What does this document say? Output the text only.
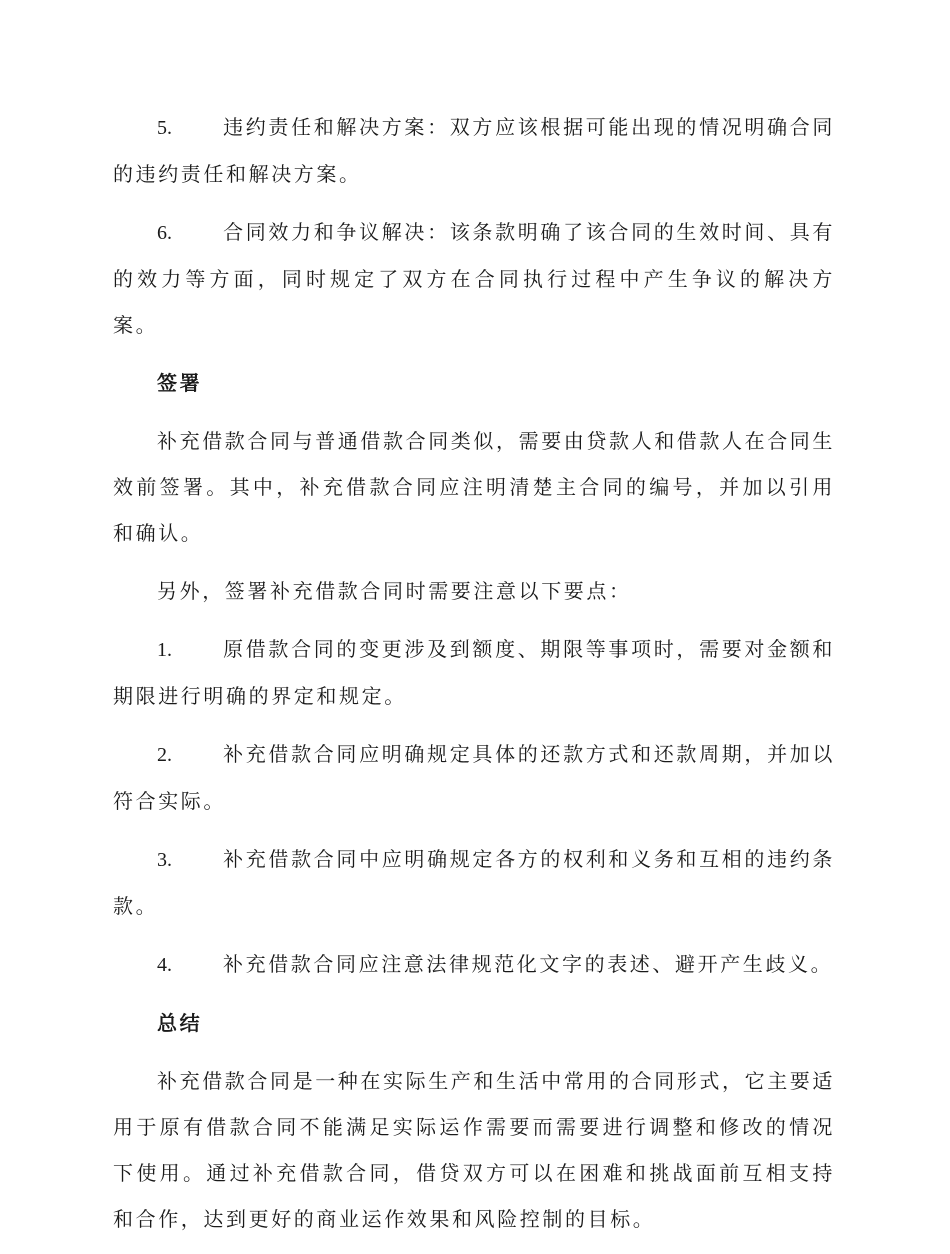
5.	违约责任和解决方案：双方应该根据可能出现的情况明确合同的违约责任和解决方案。

6.	合同效力和争议解决：该条款明确了该合同的生效时间、具有的效力等方面，同时规定了双方在合同执行过程中产生争议的解决方案。

签署

补充借款合同与普通借款合同类似，需要由贷款人和借款人在合同生效前签署。其中，补充借款合同应注明清楚主合同的编号，并加以引用和确认。

另外，签署补充借款合同时需要注意以下要点：

1.	原借款合同的变更涉及到额度、期限等事项时，需要对金额和期限进行明确的界定和规定。

2.	补充借款合同应明确规定具体的还款方式和还款周期，并加以符合实际。

3.	补充借款合同中应明确规定各方的权利和义务和互相的违约条款。

4.	补充借款合同应注意法律规范化文字的表述、避开产生歧义。

总结

补充借款合同是一种在实际生产和生活中常用的合同形式，它主要适用于原有借款合同不能满足实际运作需要而需要进行调整和修改的情况下使用。通过补充借款合同，借贷双方可以在困难和挑战面前互相支持和合作，达到更好的商业运作效果和风险控制的目标。
